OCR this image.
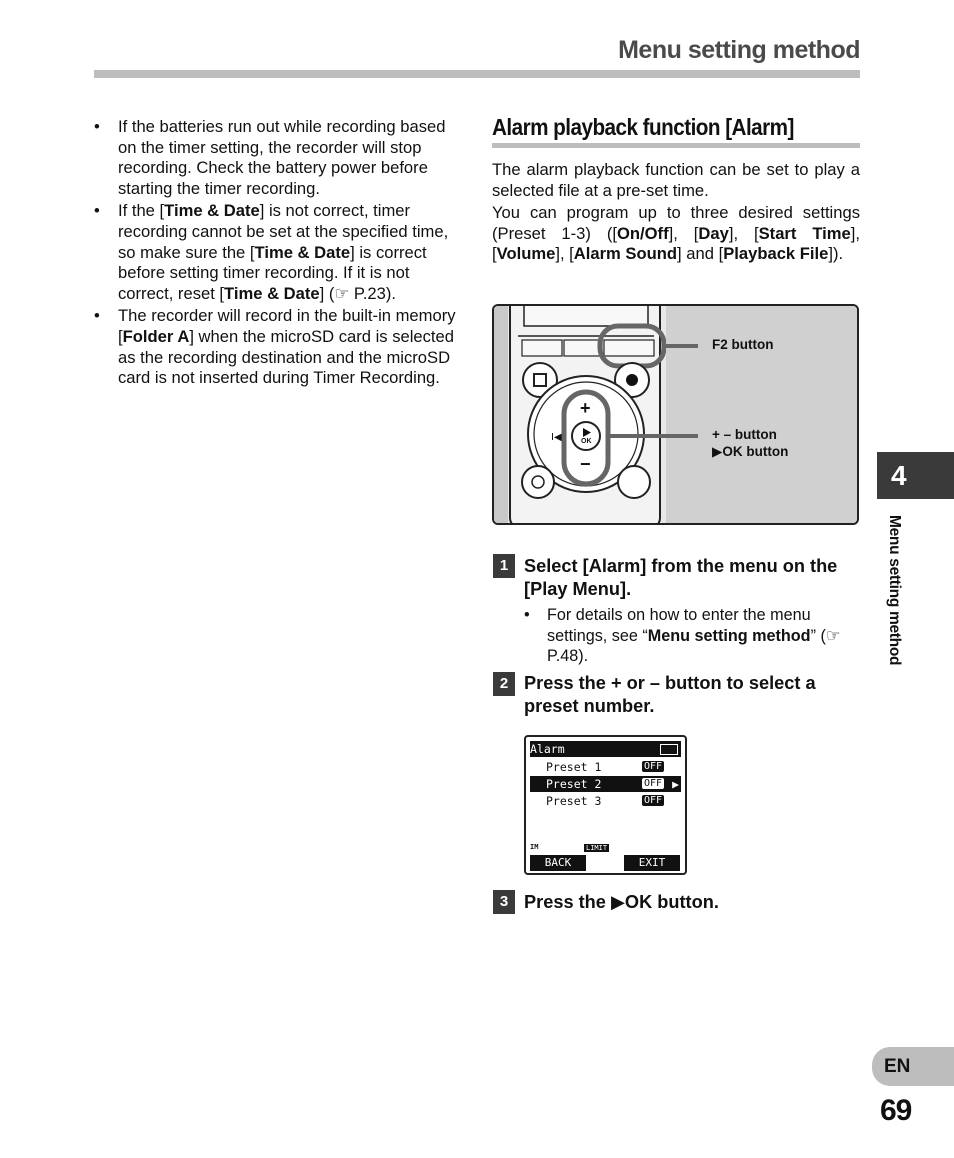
Menu setting method
• If the batteries run out while recording based on the timer setting, the recorder will stop recording. Check the battery power before starting the timer recording.
• If the [Time & Date] is not correct, timer recording cannot be set at the specified time, so make sure the [Time & Date] is correct before setting timer recording. If it is not correct, reset [Time & Date] (☞ P.23).
• The recorder will record in the built-in memory [Folder A] when the microSD card is selected as the recording destination and the microSD card is not inserted during Timer Recording.
Alarm playback function [Alarm]

The alarm playback function can be set to play a selected file at a pre-set time.

You can program up to three desired settings (Preset 1-3) ([On/Off], [Day], [Start Time], [Volume], [Alarm Sound] and [Playback File]).

I◀
+
−
OK
F2 button
+ – button
▶OK button
1 Select [Alarm] from the menu on the [Play Menu].
•	For details on how to enter the menu settings, see “Menu setting method” (☞ P.48).
2 Press the + or – button to select a preset number.
Alarm
Preset 1	OFF
Preset 2	OFF ▶
Preset 3	OFF
IM	LIMIT
BACK	EXIT
3 Press the ▶OK button.
4
Menu setting method
EN
69
